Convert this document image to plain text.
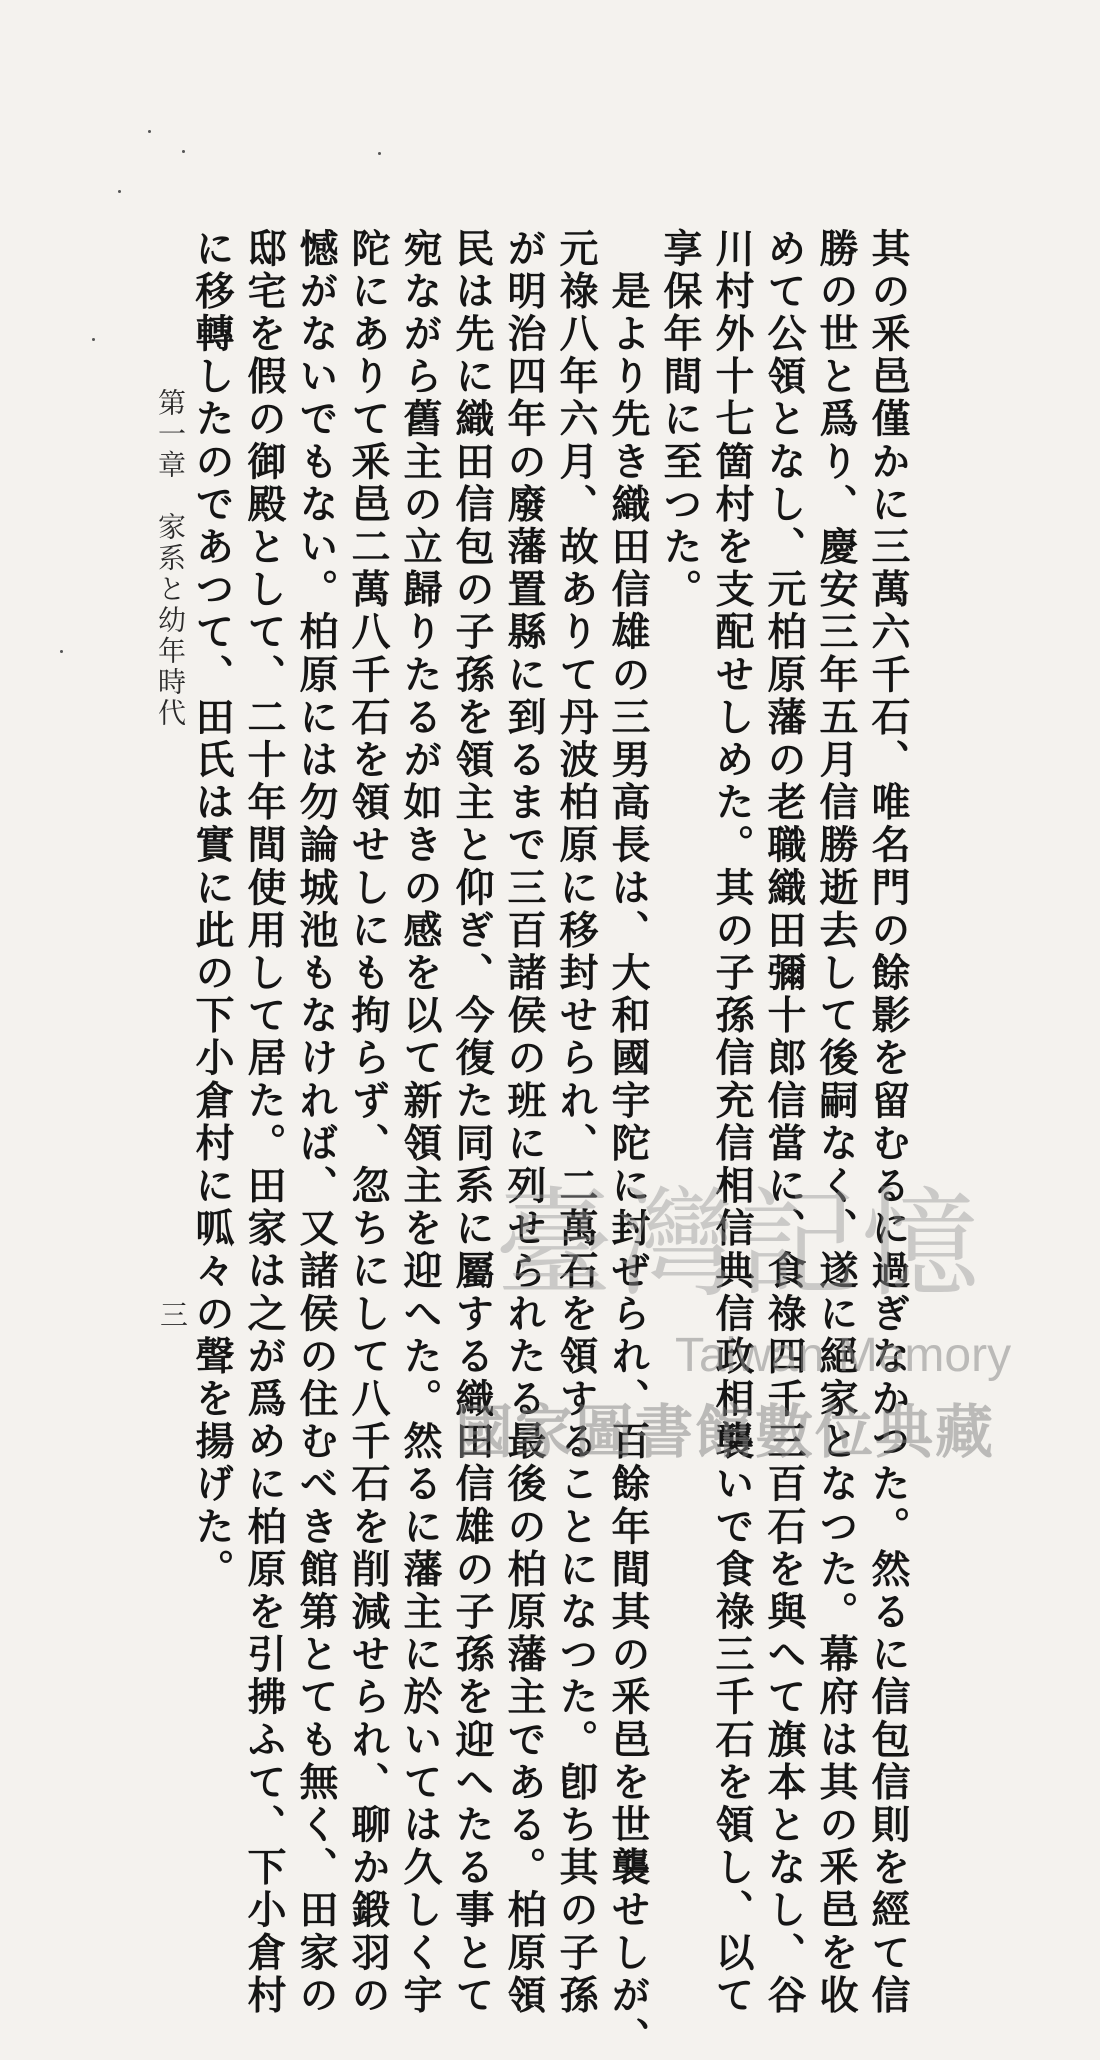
其の釆邑僅かに三萬六千石、唯名門の餘影を留むるに過ぎなかつた。然るに信包信則を經て信
勝の世と爲り、慶安三年五月信勝逝去して後嗣なく、遂に絕家となつた。幕府は其の釆邑を收
めて公領となし、元柏原藩の老職織田彌十郎信當に、食祿四千三百石を與へて旗本となし、谷
川村外十七箇村を支配せしめた。其の子孫信充信相信典信政相襲いで食祿三千石を領し、以て
享保年間に至つた。
　是より先き織田信雄の三男高長は、大和國宇陀に封ぜられ、百餘年間其の釆邑を世襲せしが、
元祿八年六月、故ありて丹波柏原に移封せられ、二萬石を領することになつた。卽ち其の子孫
が明治四年の廢藩置縣に到るまで三百諸侯の班に列せられたる最後の柏原藩主である。柏原領
民は先に織田信包の子孫を領主と仰ぎ、今復た同系に屬する織田信雄の子孫を迎へたる事とて
宛ながら舊主の立歸りたるが如きの感を以て新領主を迎へた。然るに藩主に於いては久しく宇
陀にありて釆邑二萬八千石を領せしにも拘らず、忽ちにして八千石を削減せられ、聊か鍛羽の
憾がないでもない。柏原には勿論城池もなければ、又諸侯の住むべき館第とても無く、田家の
邸宅を假の御殿として、二十年間使用して居た。田家は之が爲めに柏原を引拂ふて、下小倉村
に移轉したのであつて、田氏は實に此の下小倉村に呱々の聲を揚げた。
第一章　家系と幼年時代
三
臺灣記憶
Taiwan Memory
國家圖書館數位典藏
